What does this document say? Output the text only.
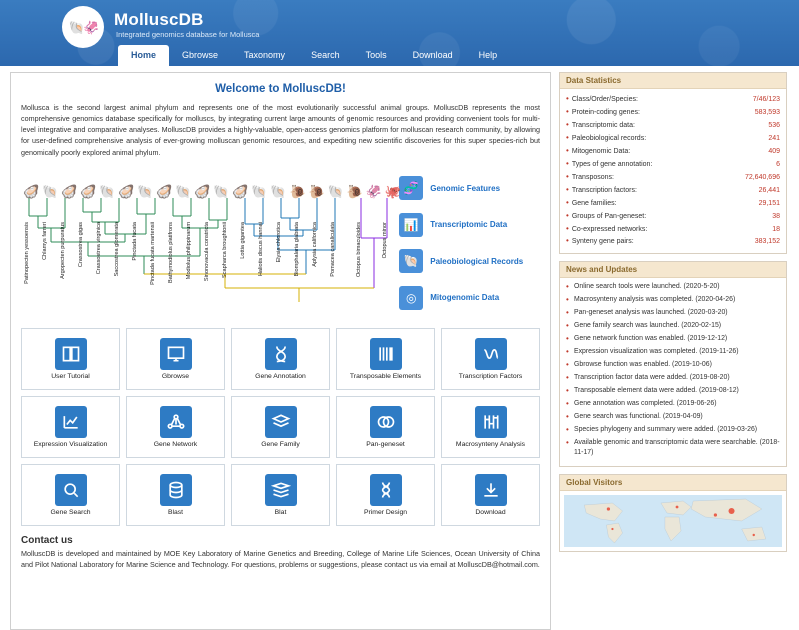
🐚🦑 MolluscDB
Integrated genomics database for Mollusca
Home	Gbrowse	Taxonomy	Search	Tools	Download	Help
Welcome to MolluscDB!
Mollusca is the second largest animal phylum and represents one of the most evolutionarily successful animal groups. MolluscDB represents the most comprehensive genomics database specifically for molluscs, by integrating current large amounts of genomic resources and providing convenient tools for multi-level integrative and comparative analyses. MolluscDB provides a highly-valuable, open-access genomics platform for molluscan research community, by allowing for user-defined comprehensive analysis of ever-growing molluscan genomic resources, and expediting new scientific discoveries for this super species-rich but genomically poorly explored animal phylum.
🦪 🐚 🦪 🦪 🐚 🦪 🐚 🦪 🐚 🦪 🐚 🦪 🐚 🐚 🐌 🐌 🐚 🐌 🦑 🐙
Patinopecten yessoensis Chlamys farreri Argopecten purpuratus Crassostrea gigas Crassostrea virginica Saccostrea glomerata Pinctada fucata Pinctada fucata martensii Bathymodiolus platifrons Modiolus philippinarum Sinonovacula constricta Scapharca broughtonii Lottia gigantea Haliotis discus hannai Elysia chlorotica Biomphalaria glabrata Aplysia californica Pomacea canaliculata	Octopus bimaculoides	Octopus minor
🧬	Genomic Features
📊	Transcriptomic Data
🐚	Paleobiological Records
◎	Mitogenomic Data
User Tutorial	Gbrowse	Gene Annotation	Transposable Elements	Transcription Factors
Expression Visualization	Gene Network	Gene Family	Pan-geneset	Macrosynteny Analysis
Gene Search	Blast	Blat	Primer Design	Download
Contact us
MolluscDB is developed and maintained by MOE Key Laboratory of Marine Genetics and Breeding, College of Marine Life Sciences, Ocean University of China and Pilot National Laboratory for Marine Science and Technology. For questions, problems or suggestions, please contact us via email at MolluscDB@hotmail.com.
Data Statistics
• Class/Order/Species:	7/46/123
• Protein-coding genes:	583,593
• Transcriptomic data:	536
• Paleobiological records:	241
• Mitogenomic Data:	409
• Types of gene annotation:	6
• Transposons:	72,640,696
• Transcription factors:	26,441
• Gene families:	29,151
• Groups of Pan-geneset:	38
• Co-expressed networks:	18
• Synteny gene pairs:	383,152
News and Updates
• Online search tools were launched. (2020-5-20)
• Macrosynteny analysis was completed. (2020-04-26)
• Pan-geneset analysis was launched. (2020-03-20)
• Gene family search was launched. (2020-02-15)
• Gene network function was enabled. (2019-12-12)
• Expression visualization was completed. (2019-11-26)
• Gbrowse function was enabled. (2019-10-06)
• Transcription factor data were added. (2019-08-20)
• Transposable element data were added. (2019-08-12)
• Gene annotation was completed. (2019-06-26)
• Gene search was functional. (2019-04-09)
• Species phylogeny and summary were added. (2019-03-26)
• Available genomic and transcriptomic data were searchable. (2018-11-17)
Global Visitors
